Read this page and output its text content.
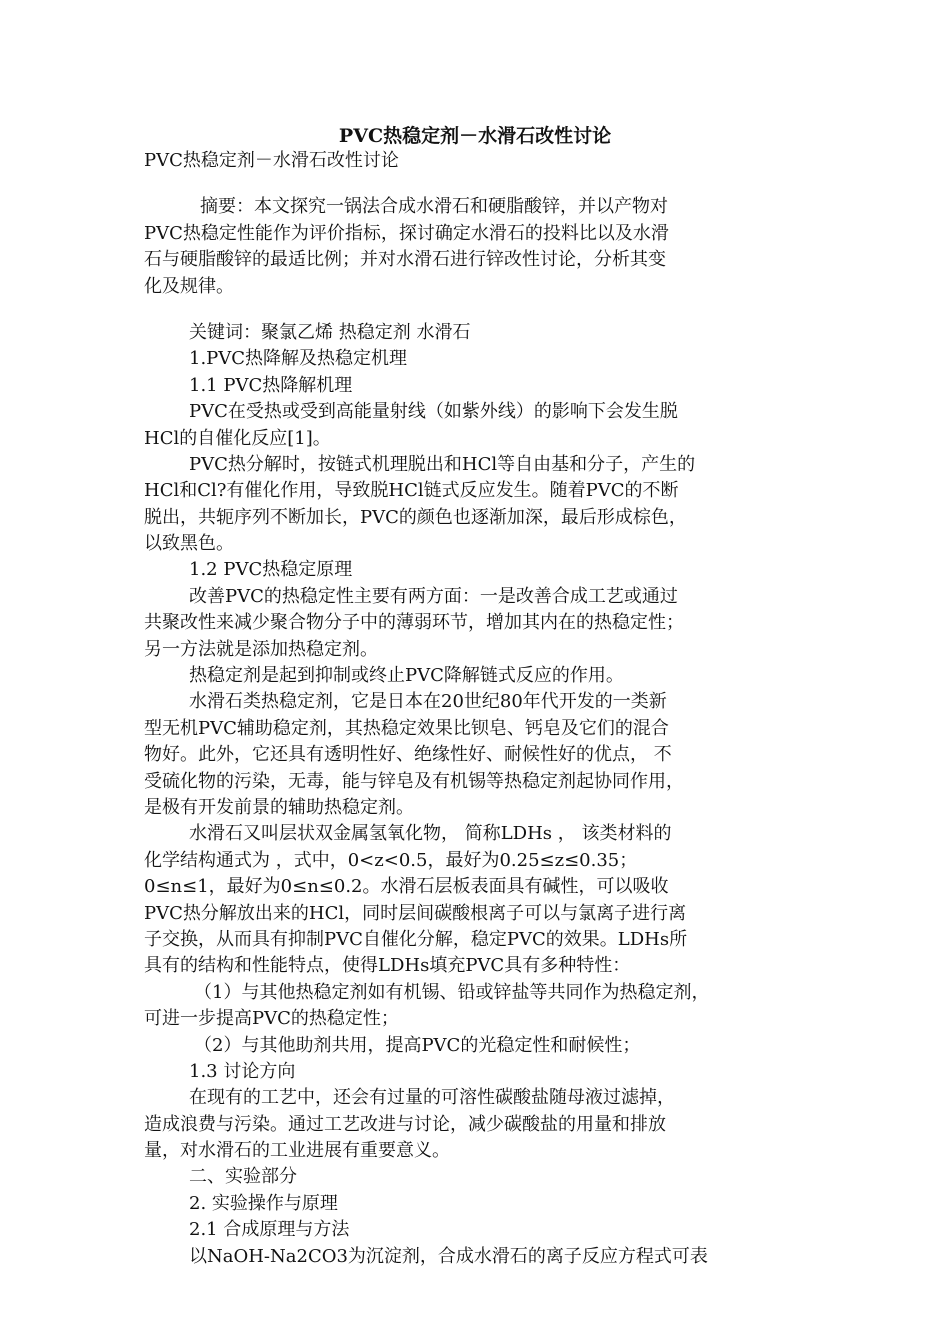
PVC热稳定剂－水滑石改性讨论
PVC热稳定剂－水滑石改性讨论
摘要：本文探究一锅法合成水滑石和硬脂酸锌，并以产物对
PVC热稳定性能作为评价指标，探讨确定水滑石的投料比以及水滑
石与硬脂酸锌的最适比例；并对水滑石进行锌改性讨论，分析其变
化及规律。
关键词：聚氯乙烯 热稳定剂 水滑石
1.PVC热降解及热稳定机理
1.1 PVC热降解机理
PVC在受热或受到高能量射线（如紫外线）的影响下会发生脱
HCl的自催化反应[1]。
PVC热分解时，按链式机理脱出和HCl等自由基和分子，产生的
HCl和Cl?有催化作用，导致脱HCl链式反应发生。随着PVC的不断
脱出，共轭序列不断加长，PVC的颜色也逐渐加深，最后形成棕色，
以致黑色。
1.2 PVC热稳定原理
改善PVC的热稳定性主要有两方面：一是改善合成工艺或通过
共聚改性来减少聚合物分子中的薄弱环节，增加其内在的热稳定性；
另一方法就是添加热稳定剂。
热稳定剂是起到抑制或终止PVC降解链式反应的作用。
水滑石类热稳定剂，它是日本在20世纪80年代开发的一类新
型无机PVC辅助稳定剂，其热稳定效果比钡皂、钙皂及它们的混合
物好。此外，它还具有透明性好、绝缘性好、耐候性好的优点， 不
受硫化物的污染，无毒，能与锌皂及有机锡等热稳定剂起协同作用，
是极有开发前景的辅助热稳定剂。
水滑石又叫层状双金属氢氧化物， 简称LDHs ， 该类材料的
化学结构通式为 ，式中，0<z<0.5，最好为0.25≤z≤0.35；
0≤n≤1，最好为0≤n≤0.2。水滑石层板表面具有碱性，可以吸收
PVC热分解放出来的HCl，同时层间碳酸根离子可以与氯离子进行离
子交换，从而具有抑制PVC自催化分解，稳定PVC的效果。LDHs所
具有的结构和性能特点，使得LDHs填充PVC具有多种特性：
（1）与其他热稳定剂如有机锡、铅或锌盐等共同作为热稳定剂，
可进一步提高PVC的热稳定性；
（2）与其他助剂共用，提高PVC的光稳定性和耐候性；
1.3 讨论方向
在现有的工艺中，还会有过量的可溶性碳酸盐随母液过滤掉，
造成浪费与污染。通过工艺改进与讨论，减少碳酸盐的用量和排放
量，对水滑石的工业进展有重要意义。
二、实验部分
2. 实验操作与原理
2.1 合成原理与方法
以NaOH-Na2CO3为沉淀剂，合成水滑石的离子反应方程式可表
